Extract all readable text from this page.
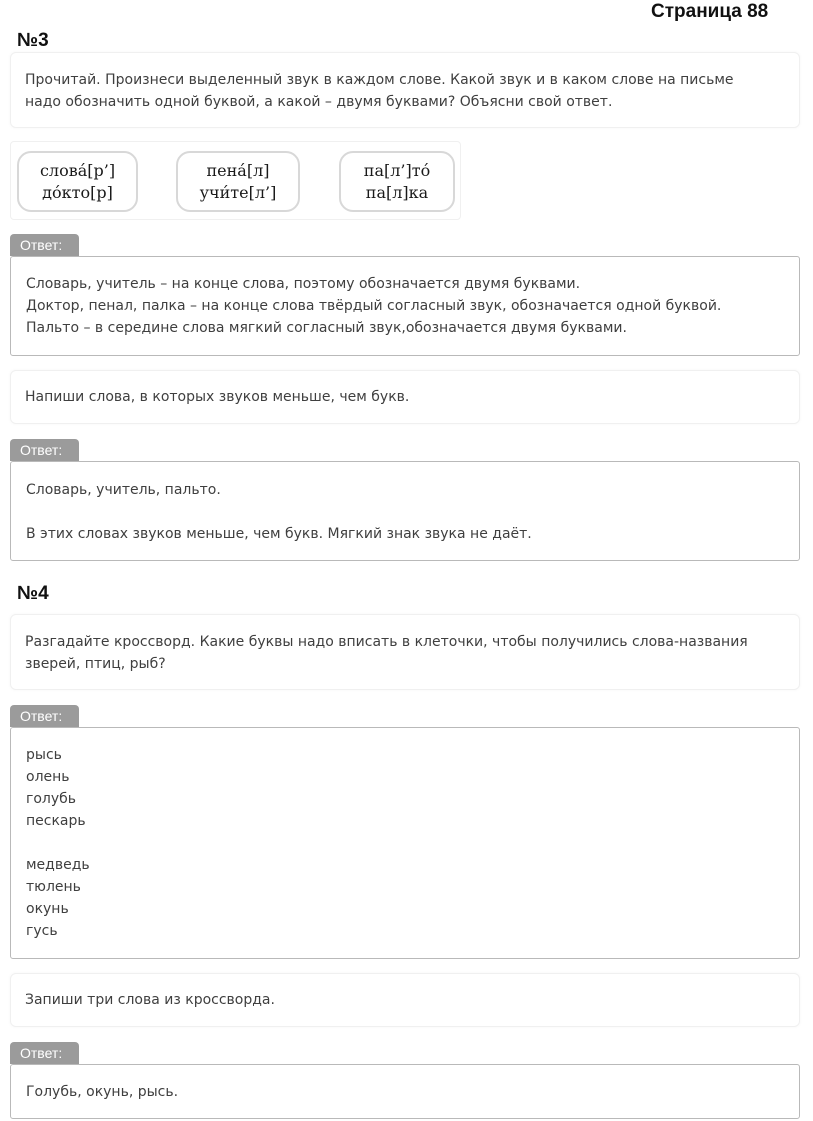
Страница 88
№3

Прочитай. Произнеси выделенный звук в каждом слове. Какой звук и в каком слове на письме

надо обозначить одной буквой, а какой – двумя буквами? Объясни свой ответ.

слова́[р’]
до́кто[р]
пена́[л]
учи́те[л’]
па[л’]то́
па[л]ка
Ответ:

Словарь, учитель – на конце слова, поэтому обозначается двумя буквами.

Доктор, пенал, палка – на конце слова твёрдый согласный звук, обозначается одной буквой.

Пальто – в середине слова мягкий согласный звук,обозначается двумя буквами.

Напиши слова, в которых звуков меньше, чем букв.

Ответ:

Словарь, учитель, пальто.

В этих словах звуков меньше, чем букв. Мягкий знак звука не даёт.

№4

Разгадайте кроссворд. Какие буквы надо вписать в клеточки, чтобы получились слова-названия

зверей, птиц, рыб?

Ответ:

рысь

олень

голубь

пескарь

медведь

тюлень

окунь

гусь

Запиши три слова из кроссворда.

Ответ:

Голубь, окунь, рысь.
